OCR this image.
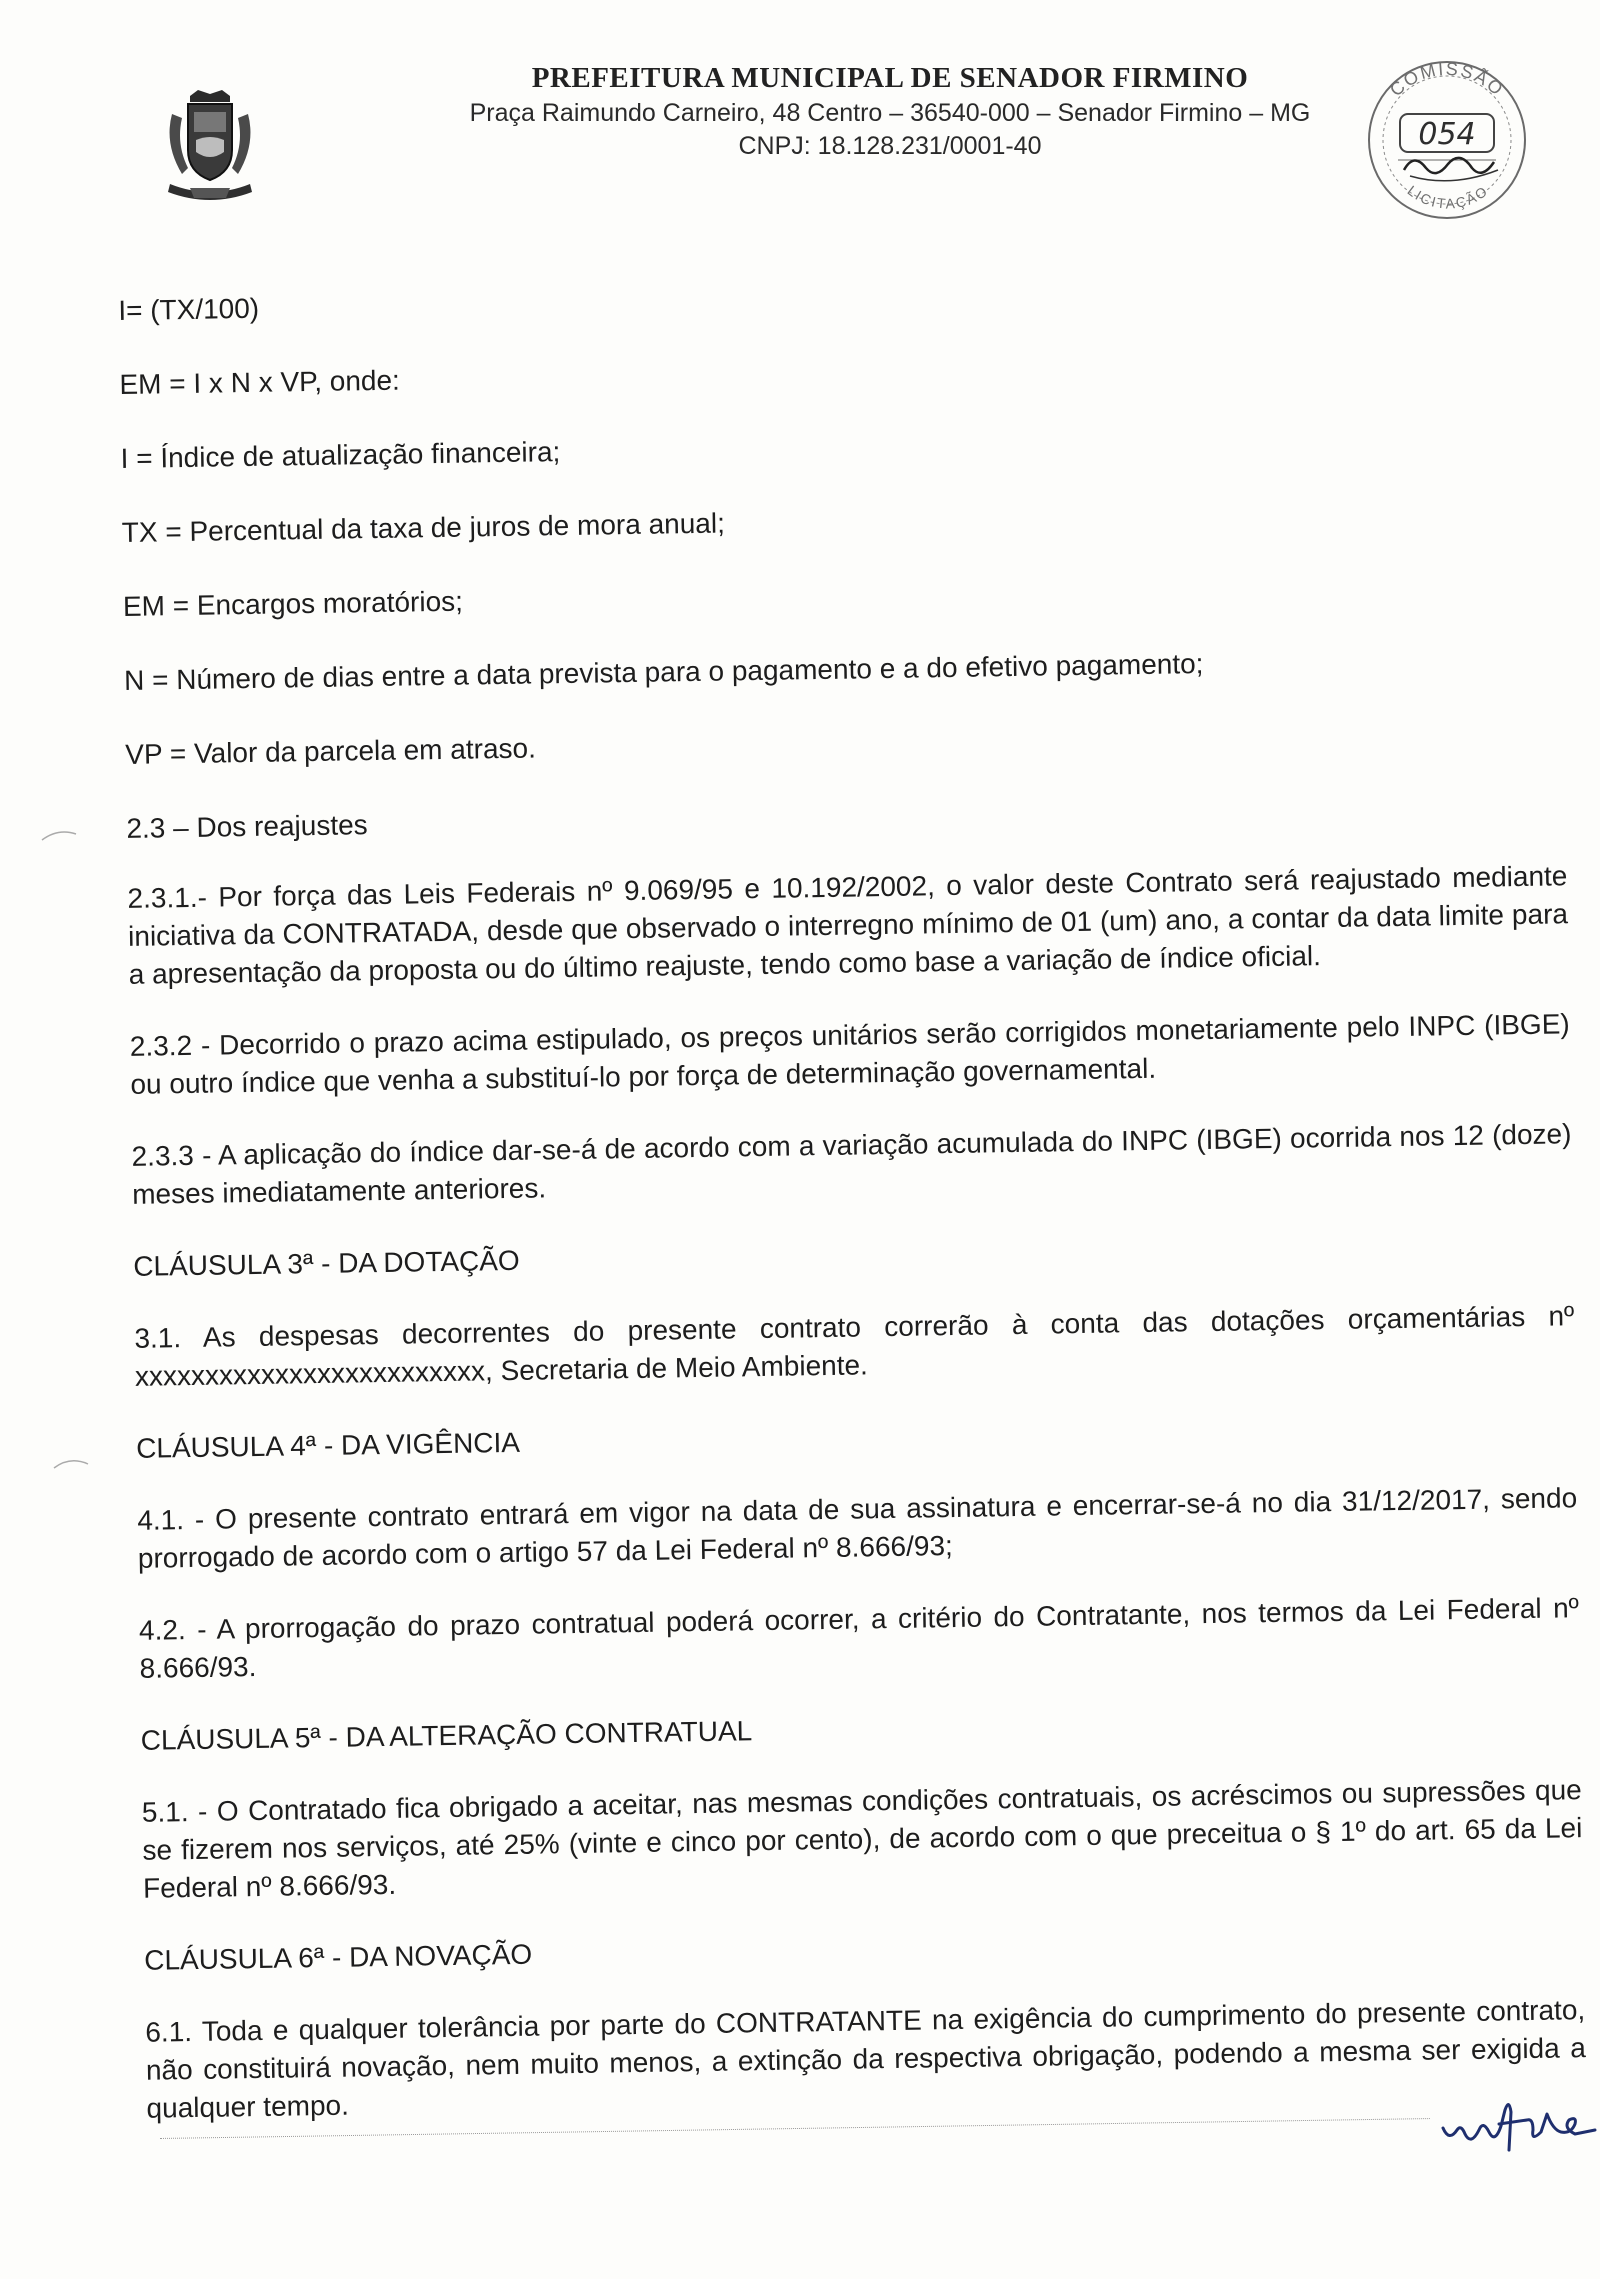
PREFEITURA MUNICIPAL DE SENADOR FIRMINO
Praça Raimundo Carneiro, 48 Centro – 36540-000 – Senador Firmino – MG
CNPJ: 18.128.231/0001-40
COMISSÃO
LICITAÇÃO
054

I= (TX/100)

EM = I x N x VP, onde:

I = Índice de atualização financeira;

TX = Percentual da taxa de juros de mora anual;

EM = Encargos moratórios;

N = Número de dias entre a data prevista para o pagamento e a do efetivo pagamento;

VP = Valor da parcela em atraso.

2.3 – Dos reajustes

2.3.1.- Por força das Leis Federais nº 9.069/95 e 10.192/2002, o valor deste Contrato será reajustado mediante iniciativa da CONTRATADA, desde que observado o interregno mínimo de 01 (um) ano, a contar da data limite para a apresentação da proposta ou do último reajuste, tendo como base a variação de índice oficial.

2.3.2 - Decorrido o prazo acima estipulado, os preços unitários serão corrigidos monetariamente pelo INPC (IBGE) ou outro índice que venha a substituí-lo por força de determinação governamental.

2.3.3 - A aplicação do índice dar-se-á de acordo com a variação acumulada do INPC (IBGE) ocorrida nos 12 (doze) meses imediatamente anteriores.

CLÁUSULA 3ª - DA DOTAÇÃO

3.1. As despesas decorrentes do presente contrato correrão à conta das dotações orçamentárias nº xxxxxxxxxxxxxxxxxxxxxxxxx, Secretaria de Meio Ambiente.

CLÁUSULA 4ª - DA VIGÊNCIA

4.1. - O presente contrato entrará em vigor na data de sua assinatura e encerrar-se-á no dia 31/12/2017, sendo prorrogado de acordo com o artigo 57 da Lei Federal nº 8.666/93;

4.2. - A prorrogação do prazo contratual poderá ocorrer, a critério do Contratante, nos termos da Lei Federal nº 8.666/93.

CLÁUSULA 5ª - DA ALTERAÇÃO CONTRATUAL

5.1. - O Contratado fica obrigado a aceitar, nas mesmas condições contratuais, os acréscimos ou supressões que se fizerem nos serviços, até 25% (vinte e cinco por cento), de acordo com o que preceitua o § 1º do art. 65 da Lei Federal nº 8.666/93.

CLÁUSULA 6ª - DA NOVAÇÃO

6.1. Toda e qualquer tolerância por parte do CONTRATANTE na exigência do cumprimento do presente contrato, não constituirá novação, nem muito menos, a extinção da respectiva obrigação, podendo a mesma ser exigida a qualquer tempo.
